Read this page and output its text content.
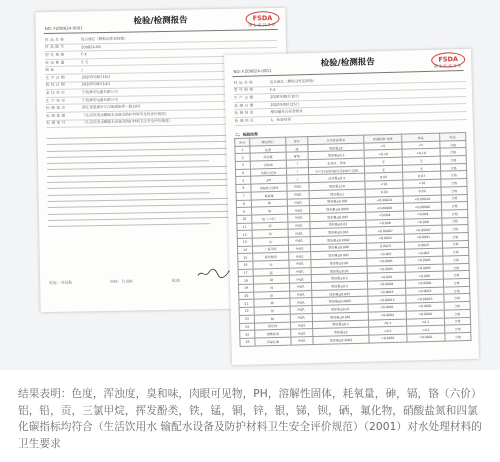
检验/检测报告	FSDA
NO: FZ00824-0001
第 1 页 共 3 页
样 品 名 称	复合滤芯（颗粒活性炭树脂）
样 品 编 号	200824-08
型 号 规 格	F-X
样 品 数 量	5 支
商 标	/
生 产 日 期	2020年08月10日
收 样 日 期	2020年08月14日
委 托 单 位	宁波澳安电器有限公司
生 产 单 位	宁波澳安电器有限公司
检 测 地 点	浙江省慈溪市宗汉街道新界一路19号
检 测 依 据	《生活饮用水输配水设备及防护材料安全性评价规范》
检 测 项 目	《生活饮用水输配水设备及防护材料卫生安全评价规范》
检验：冯冠晶	审核：吕志彬	批准：
检验/检测报告	FSDA
NO: FZ00824-0001
第 2 页 共 3 页
样 品 名 称	复合滤芯（颗粒活性炭树脂）
型 号 规 格	F-X
生 产 日 期	2020年08月10日
检 测 日 期	2020年08月25日
检 测 结 论	增加量符合标准要求
检 测 项 目	1、检验结果
二、检验结果
序号	测定项目	单位	卫生标准要求	检测结果 对照	样品	结论
1	色度	度	增加量≤5	<5	<5	合格
2	浑浊度	NTU	增加量≤0.2	<0.10	<0.10	合格
3	臭和味	/	无异臭、异味	无	无	合格
4	肉眼可见物	/	不产生任何肉眼可见的碎片杂物	无	无	合格
5	pH	/	改变量≤0.5	8.05	8.07	合格
6	溶解性总固体	mg/L	增加量≤10	<10	<10	合格
7	耗氧量	mg/L	增加量≤1	0.20	0.20	合格
8	砷	mg/L	增加量≤0.001	<0.00024	<0.00024	合格
9	镉	mg/L	增加量≤0.0005	<0.00006	<0.00006	合格
10	铬（六价）	mg/L	增加量≤0.005	<0.004	<0.004	合格
11	铝	mg/L	增加量≤0.02	<0.008	<0.008	合格
12	铅	mg/L	增加量≤0.001	<0.00007	<0.00007	合格
13	汞	mg/L	增加量≤0.0002	<0.0001	<0.0001	合格
14	三氯甲烷	mg/L	增加量≤0.006	0.0023	0.0023	合格
15	挥发酚类	mg/L	增加量≤0.002	<0.002	<0.002	合格
16	铁	mg/L	增加量≤0.06	<0.0045	<0.0045	合格
17	锰	mg/L	增加量≤0.02	<0.0005	<0.0005	合格
18	铜	mg/L	增加量≤0.2	<0.009	<0.009	合格
19	锌	mg/L	增加量≤0.2	<0.0008	<0.0008	合格
20	银	mg/L	增加量≤0.005	<0.0003	<0.0003	合格
21	锑	mg/L	增加量≤0.0005	<0.00015	<0.00015	合格
22	钡	mg/L	增加量≤0.07	<0.0001	<0.0001	合格
23	硒	mg/L	增加量≤0.001	<0.0004	<0.0004	合格
24	氟化物	mg/L	增加量≤0.1	<0.1	<0.1	合格
25	硝酸盐氮	mg/L	增加量≤2	<0.2	<0.2	合格
26	四氯化碳	mg/L	增加量≤0.0002	<0.0001	<0.0001	合格
结果表明：色度，浑浊度，臭和味，肉眼可见物，PH，溶解性固体，耗氧量，砷，镉，铬（六价）铝，铅，贡，三氯甲烷，挥发酚类，铁，锰，铜，锌，银，锑，钡，硒，氟化物，硝酸盐氮和四氯化碳指标均符合（生活饮用水 输配水设备及防护材料卫生安全评价规范）（2001）对水处理材料的卫生要求
